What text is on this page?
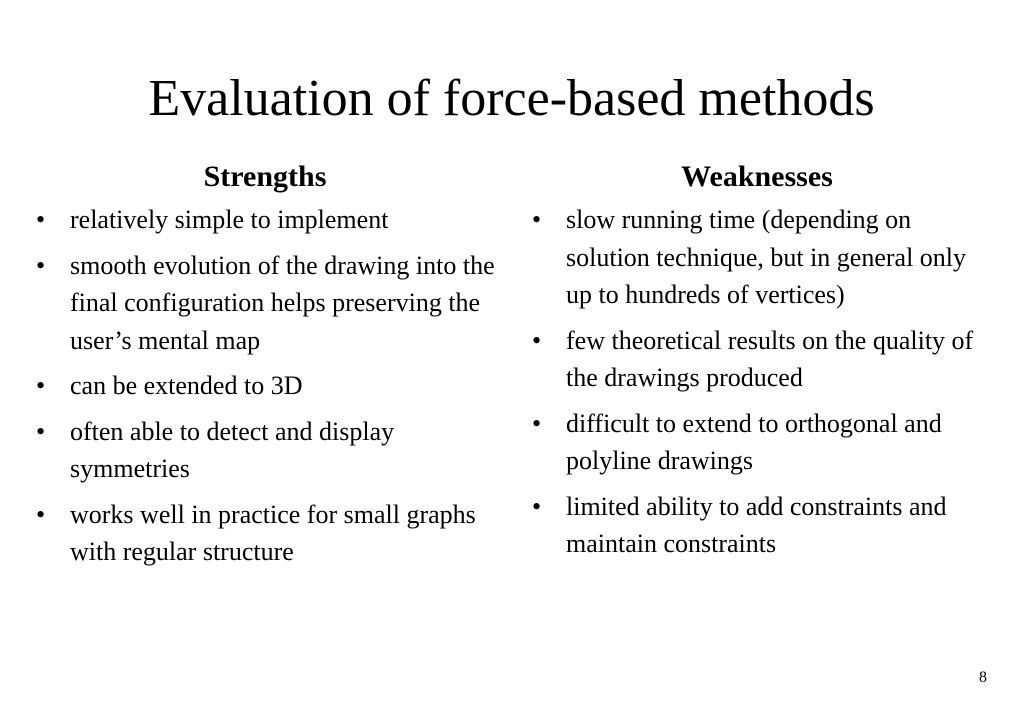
Evaluation of force-based methods
Strengths
• relatively simple to implement
• smooth evolution of the drawing into the final configuration helps preserving the user’s mental map
• can be extended to 3D
• often able to detect and display symmetries
• works well in practice for small graphs with regular structure
Weaknesses
• slow running time (depending on solution technique, but in general only up to hundreds of vertices)
• few theoretical results on the quality of the drawings produced
• difficult to extend to orthogonal and polyline drawings
• limited ability to add constraints and maintain constraints
8
